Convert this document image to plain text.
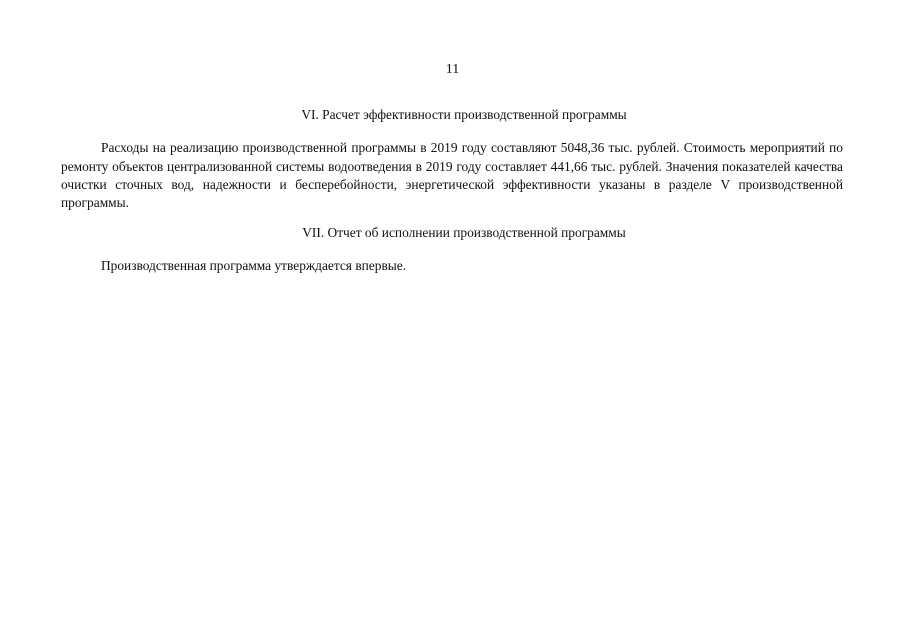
11
VI. Расчет эффективности производственной программы

Расходы на реализацию производственной программы в 2019 году составляют 5048,36 тыс. рублей. Стоимость мероприятий по ремонту объектов централизованной системы водоотведения в 2019 году составляет 441,66 тыс. рублей. Значения показателей качества очистки сточных вод, надежности и бесперебойности, энергетической эффективности указаны в разделе V производственной программы.

VII. Отчет об исполнении производственной программы

Производственная программа утверждается впервые.
